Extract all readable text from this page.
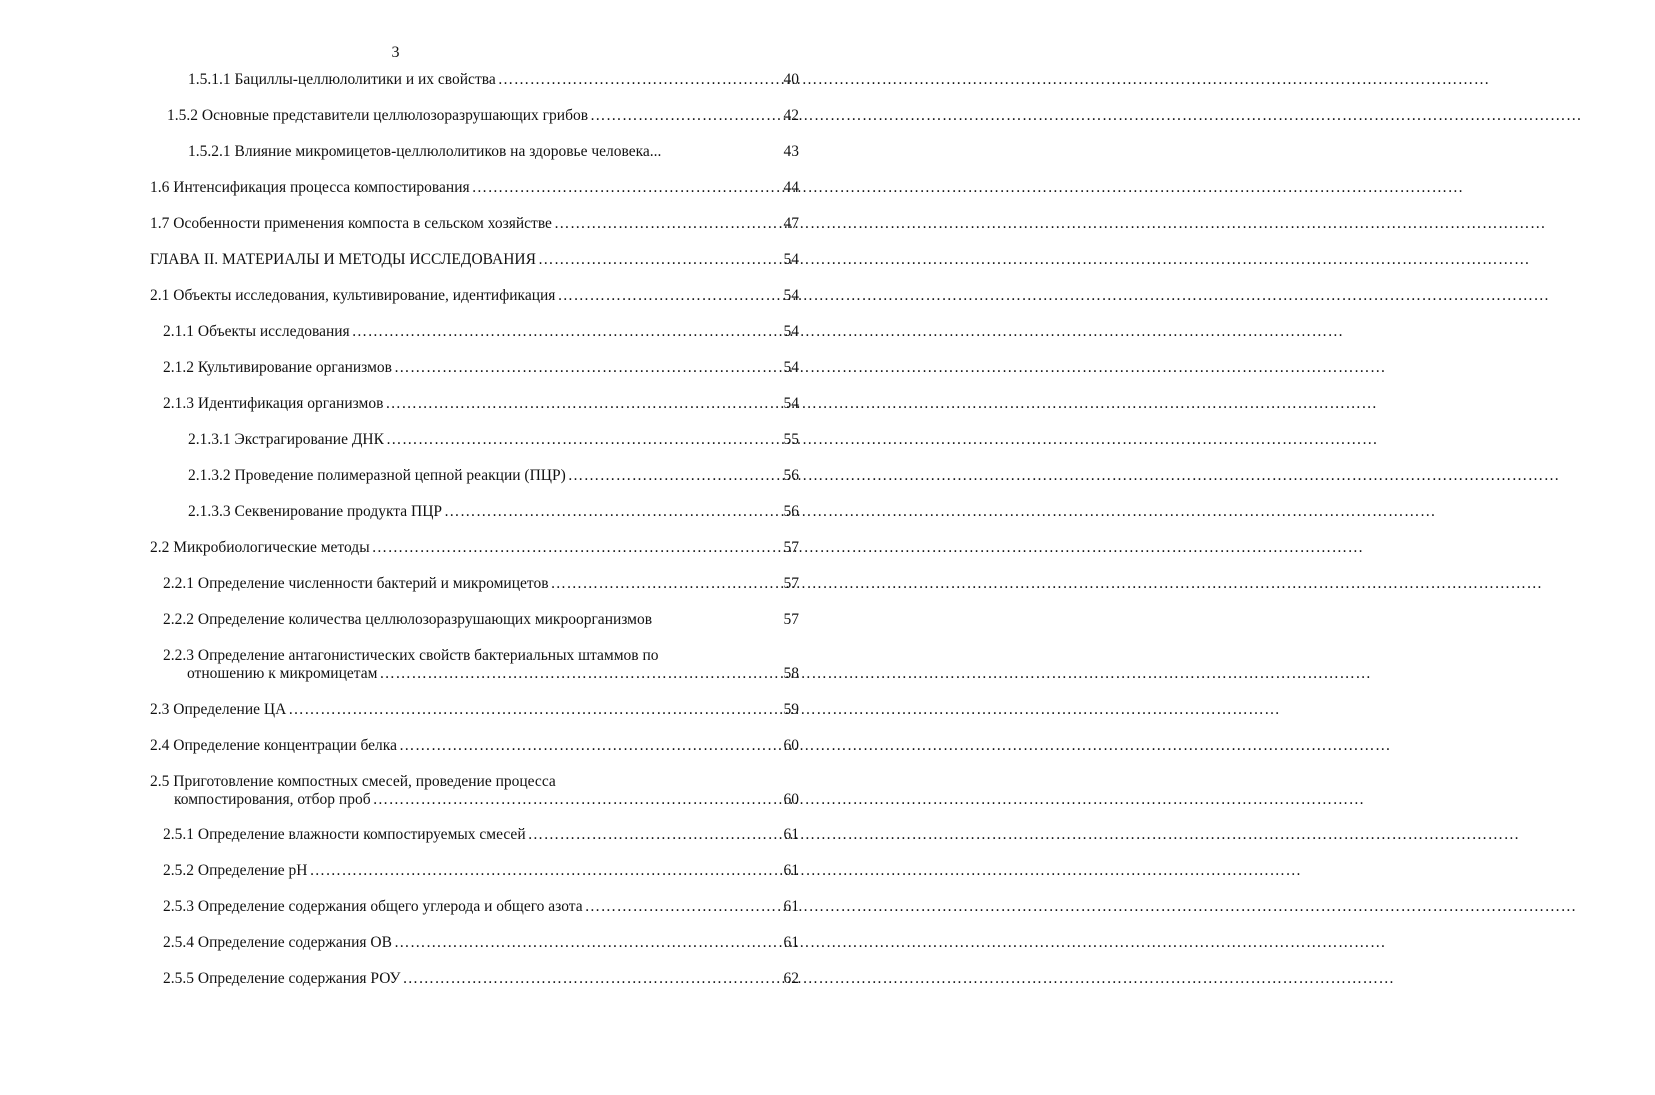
3
1.5.1.1 Бациллы-целлюлолитики и их свойства ……………………………………………………………………………………………………………………………………………………………………	40
1.5.2 Основные представители целлюлозоразрушающих грибов ……………………………………………………………………………………………………………………………………………………………………	42
1.5.2.1 Влияние микромицетов-целлюлолитиков на здоровье человека...	43
1.6 Интенсификация процесса компостирования ……………………………………………………………………………………………………………………………………………………………………	44
1.7 Особенности применения компоста в сельском хозяйстве ……………………………………………………………………………………………………………………………………………………………………	47
ГЛАВА II. МАТЕРИАЛЫ И МЕТОДЫ ИССЛЕДОВАНИЯ ……………………………………………………………………………………………………………………………………………………………………	54
2.1 Объекты исследования, культивирование, идентификация ……………………………………………………………………………………………………………………………………………………………………	54
2.1.1 Объекты исследования ……………………………………………………………………………………………………………………………………………………………………	54
2.1.2 Культивирование организмов ……………………………………………………………………………………………………………………………………………………………………	54
2.1.3 Идентификация организмов ……………………………………………………………………………………………………………………………………………………………………	54
2.1.3.1 Экстрагирование ДНК ……………………………………………………………………………………………………………………………………………………………………	55
2.1.3.2 Проведение полимеразной цепной реакции (ПЦР) ……………………………………………………………………………………………………………………………………………………………………	56
2.1.3.3 Секвенирование продукта ПЦР ……………………………………………………………………………………………………………………………………………………………………	56
2.2 Микробиологические методы ……………………………………………………………………………………………………………………………………………………………………	57
2.2.1 Определение численности бактерий и микромицетов ……………………………………………………………………………………………………………………………………………………………………	57
2.2.2 Определение количества целлюлозоразрушающих микроорганизмов	57
2.2.3 Определение антагонистических свойств бактериальных штаммов по
отношению к микромицетам ……………………………………………………………………………………………………………………………………………………………………	58
2.3 Определение ЦА ……………………………………………………………………………………………………………………………………………………………………	59
2.4 Определение концентрации белка ……………………………………………………………………………………………………………………………………………………………………	60
2.5 Приготовление компостных смесей, проведение процесса
компостирования, отбор проб ……………………………………………………………………………………………………………………………………………………………………	60
2.5.1 Определение влажности компостируемых смесей ……………………………………………………………………………………………………………………………………………………………………	61
2.5.2 Определение pH ……………………………………………………………………………………………………………………………………………………………………	61
2.5.3 Определение содержания общего углерода и общего азота ……………………………………………………………………………………………………………………………………………………………………	61
2.5.4 Определение содержания ОВ ……………………………………………………………………………………………………………………………………………………………………	61
2.5.5 Определение содержания РОУ ……………………………………………………………………………………………………………………………………………………………………	62
